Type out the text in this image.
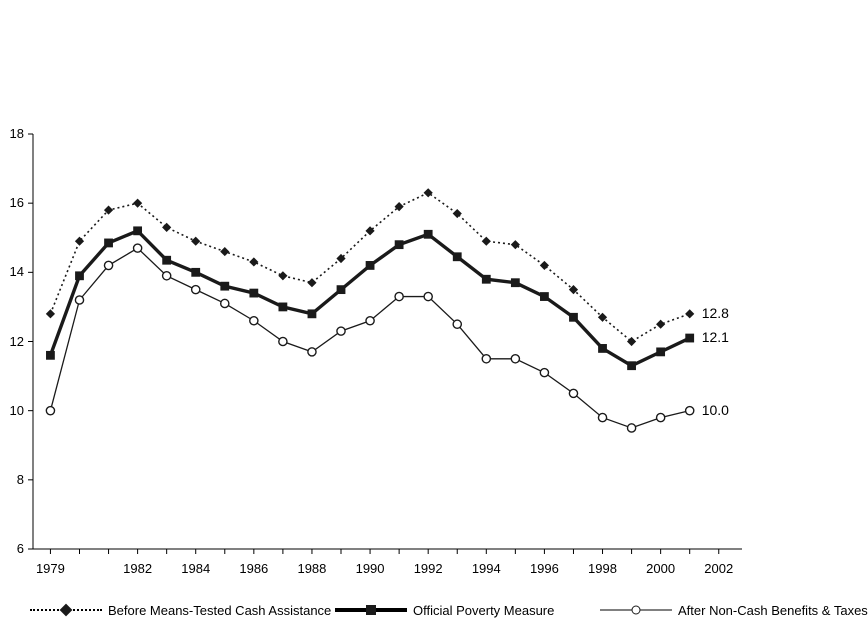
6
8
10
12
14
16
18
1979	1982	1984	1986	1988	1990	1992	1994	1996	1998	2000	2002
12.8
12.1
10.0
Before Means-Tested Cash Assistance	Official Poverty Measure	After Non-Cash Benefits & Taxes
